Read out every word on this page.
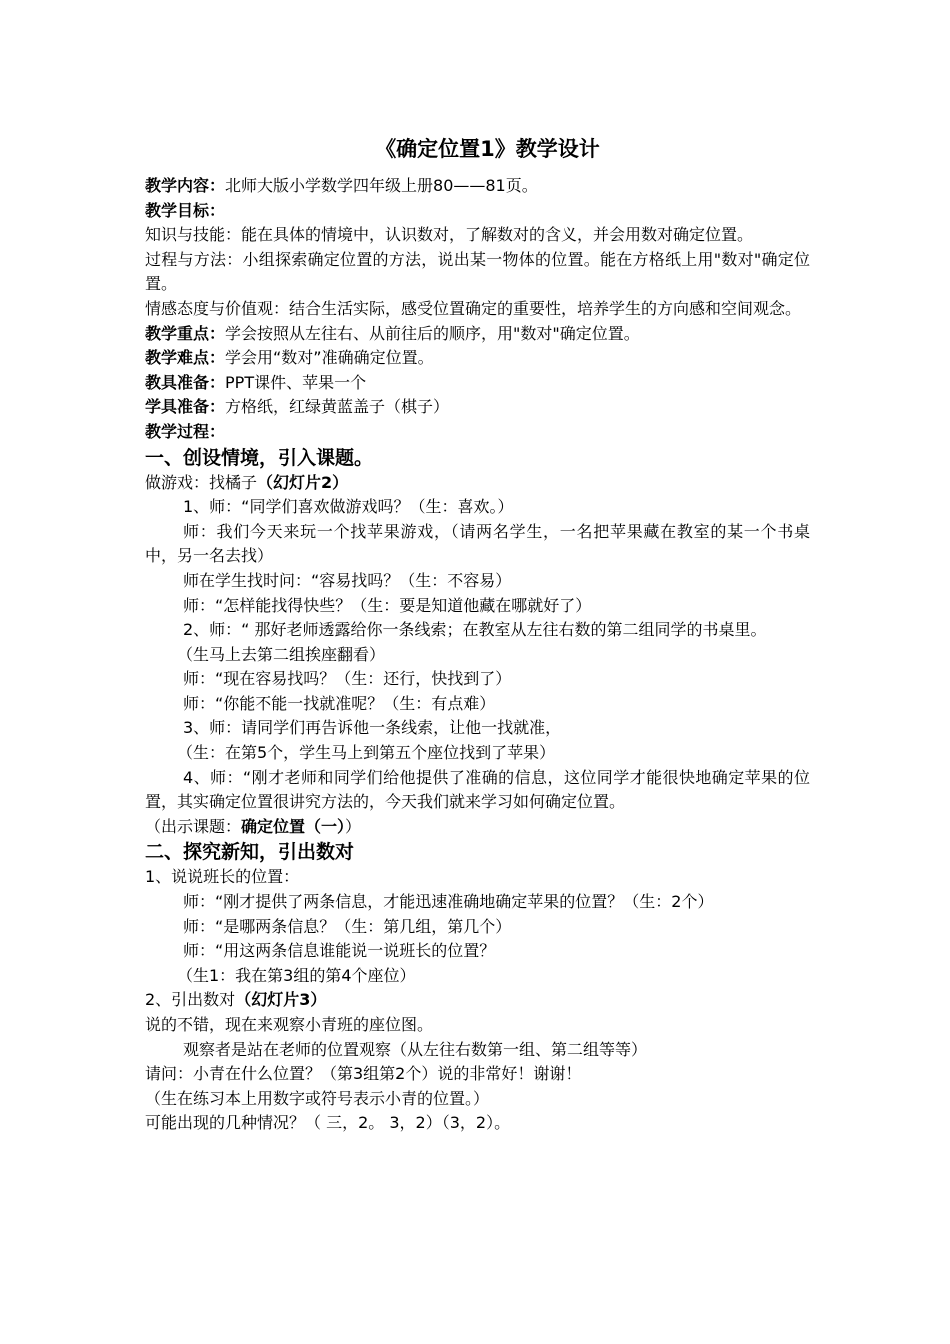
《确定位置1》教学设计

教学内容：北师大版小学数学四年级上册80——81页。

教学目标：

知识与技能：能在具体的情境中，认识数对，了解数对的含义，并会用数对确定位置。

过程与方法：小组探索确定位置的方法，说出某一物体的位置。能在方格纸上用"数对"确定位置。

情感态度与价值观：结合生活实际，感受位置确定的重要性，培养学生的方向感和空间观念。

教学重点：学会按照从左往右、从前往后的顺序，用"数对"确定位置。

教学难点：学会用“数对”准确确定位置。

教具准备：PPT课件、苹果一个

学具准备：方格纸，红绿黄蓝盖子（棋子）

教学过程：

一、创设情境，引入课题。

做游戏：找橘子（幻灯片2）

1、师：“同学们喜欢做游戏吗？（生：喜欢。）

师：我们今天来玩一个找苹果游戏，（请两名学生，一名把苹果藏在教室的某一个书桌中，另一名去找）

师在学生找时问：“容易找吗？（生：不容易）

师：“怎样能找得快些？（生：要是知道他藏在哪就好了）

2、师：“ 那好老师透露给你一条线索；在教室从左往右数的第二组同学的书桌里。

（生马上去第二组挨座翻看）

师：“现在容易找吗？（生：还行，快找到了）

师：“你能不能一找就准呢？（生：有点难）

3、师：请同学们再告诉他一条线索，让他一找就准，

（生：在第5个，学生马上到第五个座位找到了苹果）

4、师：“刚才老师和同学们给他提供了准确的信息，这位同学才能很快地确定苹果的位置，其实确定位置很讲究方法的，今天我们就来学习如何确定位置。

（出示课题：确定位置（一））

二、探究新知，引出数对

1、说说班长的位置：

师：“刚才提供了两条信息，才能迅速准确地确定苹果的位置？（生：2个）

师：“是哪两条信息？（生：第几组，第几个）

师：“用这两条信息谁能说一说班长的位置？

（生1：我在第3组的第4个座位）

2、引出数对（幻灯片3）

说的不错，现在来观察小青班的座位图。

观察者是站在老师的位置观察（从左往右数第一组、第二组等等）

请问：小青在什么位置？（第3组第2个）说的非常好！谢谢！

（生在练习本上用数字或符号表示小青的位置。）

可能出现的几种情况？（ 三，2。 3，2）（3，2）。
